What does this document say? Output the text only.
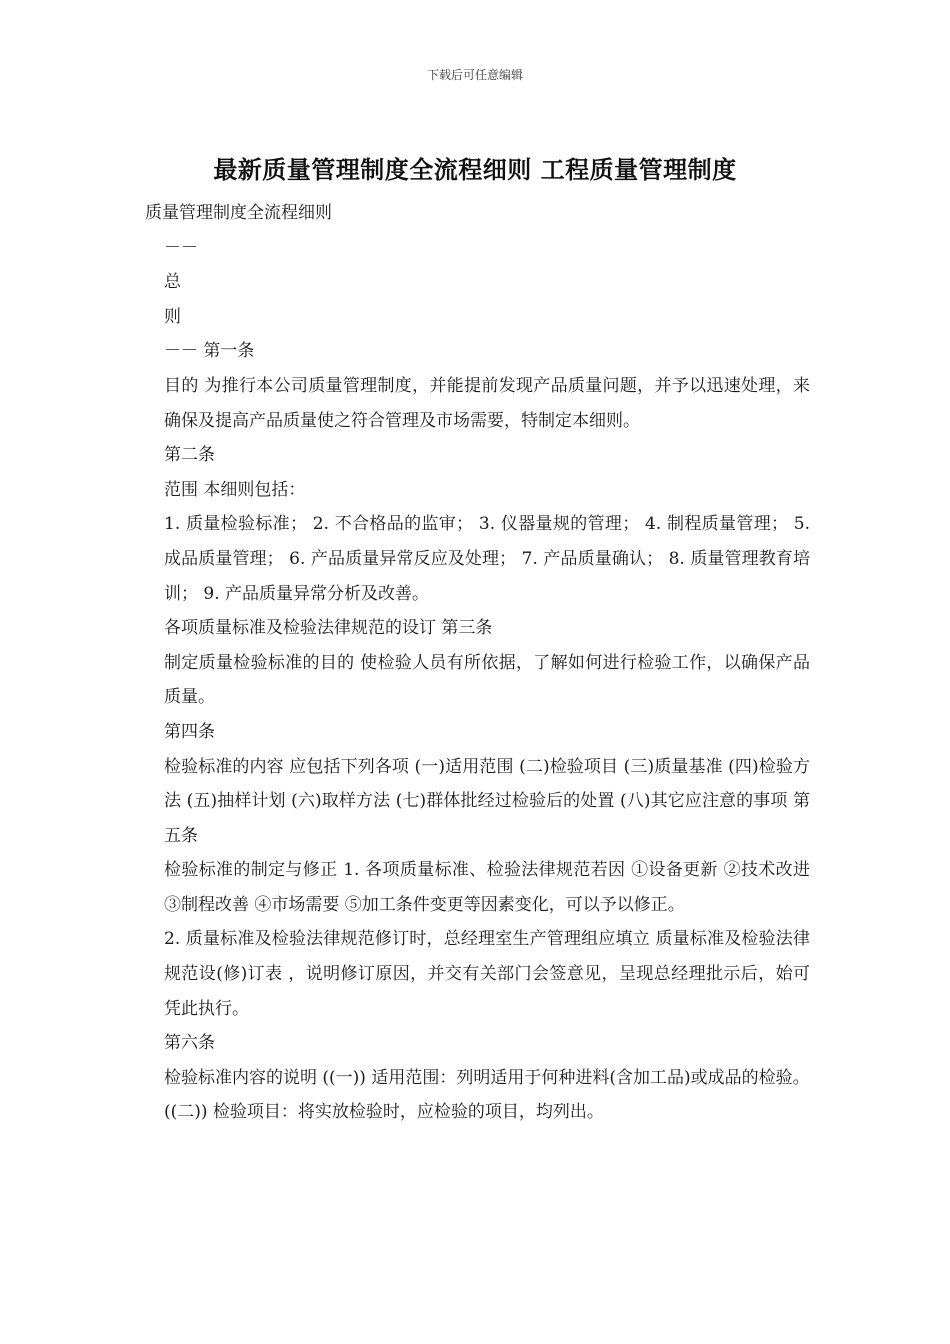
下载后可任意编辑
最新质量管理制度全流程细则 工程质量管理制度

质量管理制度全流程细则

－－

总

则

－－ 第一条

目的 为推行本公司质量管理制度，并能提前发现产品质量问题，并予以迅速处理，来确保及提高产品质量使之符合管理及市场需要，特制定本细则。

第二条

范围 本细则包括：

1. 质量检验标准； 2. 不合格品的监审； 3. 仪器量规的管理； 4. 制程质量管理； 5. 成品质量管理； 6. 产品质量异常反应及处理； 7. 产品质量确认； 8. 质量管理教育培训； 9. 产品质量异常分析及改善。

各项质量标准及检验法律规范的设订 第三条

制定质量检验标准的目的 使检验人员有所依据，了解如何进行检验工作，以确保产品质量。

第四条

检验标准的内容 应包括下列各项 (一)适用范围 (二)检验项目 (三)质量基准 (四)检验方法 (五)抽样计划 (六)取样方法 (七)群体批经过检验后的处置 (八)其它应注意的事项 第五条

检验标准的制定与修正 1. 各项质量标准、检验法律规范若因 ①设备更新 ②技术改进 ③制程改善 ④市场需要 ⑤加工条件变更等因素变化，可以予以修正。

2. 质量标准及检验法律规范修订时，总经理室生产管理组应填立 质量标准及检验法律规范设(修)订表 ，说明修订原因，并交有关部门会签意见，呈现总经理批示后，始可凭此执行。

第六条

检验标准内容的说明 ((一)) 适用范围：列明适用于何种进料(含加工品)或成品的检验。

((二)) 检验项目：将实放检验时，应检验的项目，均列出。
